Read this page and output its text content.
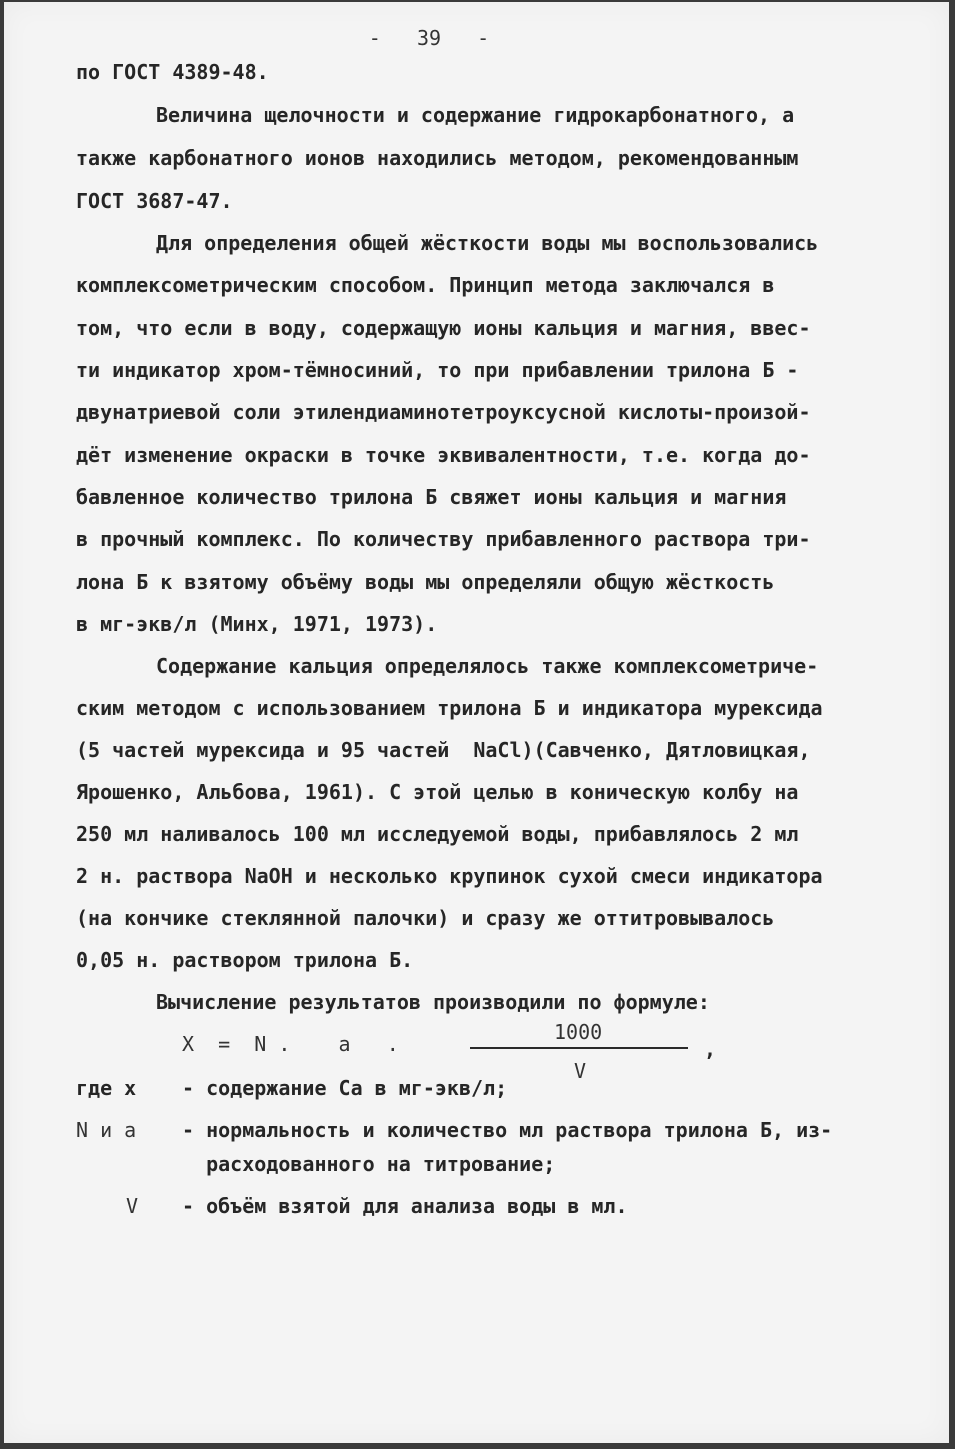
-   39   -
по ГОСТ 4389-48.
Величина щелочности и содержание гидрокарбонатного, а
также карбонатного ионов находились методом, рекомендованным
ГОСТ 3687-47.
Для определения общей жёсткости воды мы воспользовались
комплексометрическим способом. Принцип метода заключался в
том, что если в воду, содержащую ионы кальция и магния, ввес-
ти индикатор хром-тёмносиний, то при прибавлении трилона Б -
двунатриевой соли этилендиаминотетроуксусной кислоты-произой-
дёт изменение окраски в точке эквивалентности, т.е. когда до-
бавленное количество трилона Б свяжет ионы кальция и магния
в прочный комплекс. По количеству прибавленного раствора три-
лона Б к взятому объёму воды мы определяли общую жёсткость
в мг-экв/л (Минх, 1971, 1973).
Содержание кальция определялось также комплексометриче-
ским методом с использованием трилона Б и индикатора мурексида
(5 частей мурексида и 95 частей  NaCl)(Савченко, Дятловицкая,
Ярошенко, Альбова, 1961). С этой целью в коническую колбу на
250 мл наливалось 100 мл исследуемой воды, прибавлялось 2 мл
2 н. раствора NaOH и несколько крупинок сухой смеси индикатора
(на кончике стеклянной палочки) и сразу же оттитровывалось
0,05 н. раствором трилона Б.
Вычисление результатов производили по формуле:
X  =  N .    a   .	1000
,
V
где x - содержание Са в мг-экв/л;
N и а - нормальность и количество мл раствора трилона Б, из-
расходованного на титрование;
V - объём взятой для анализа воды в мл.
